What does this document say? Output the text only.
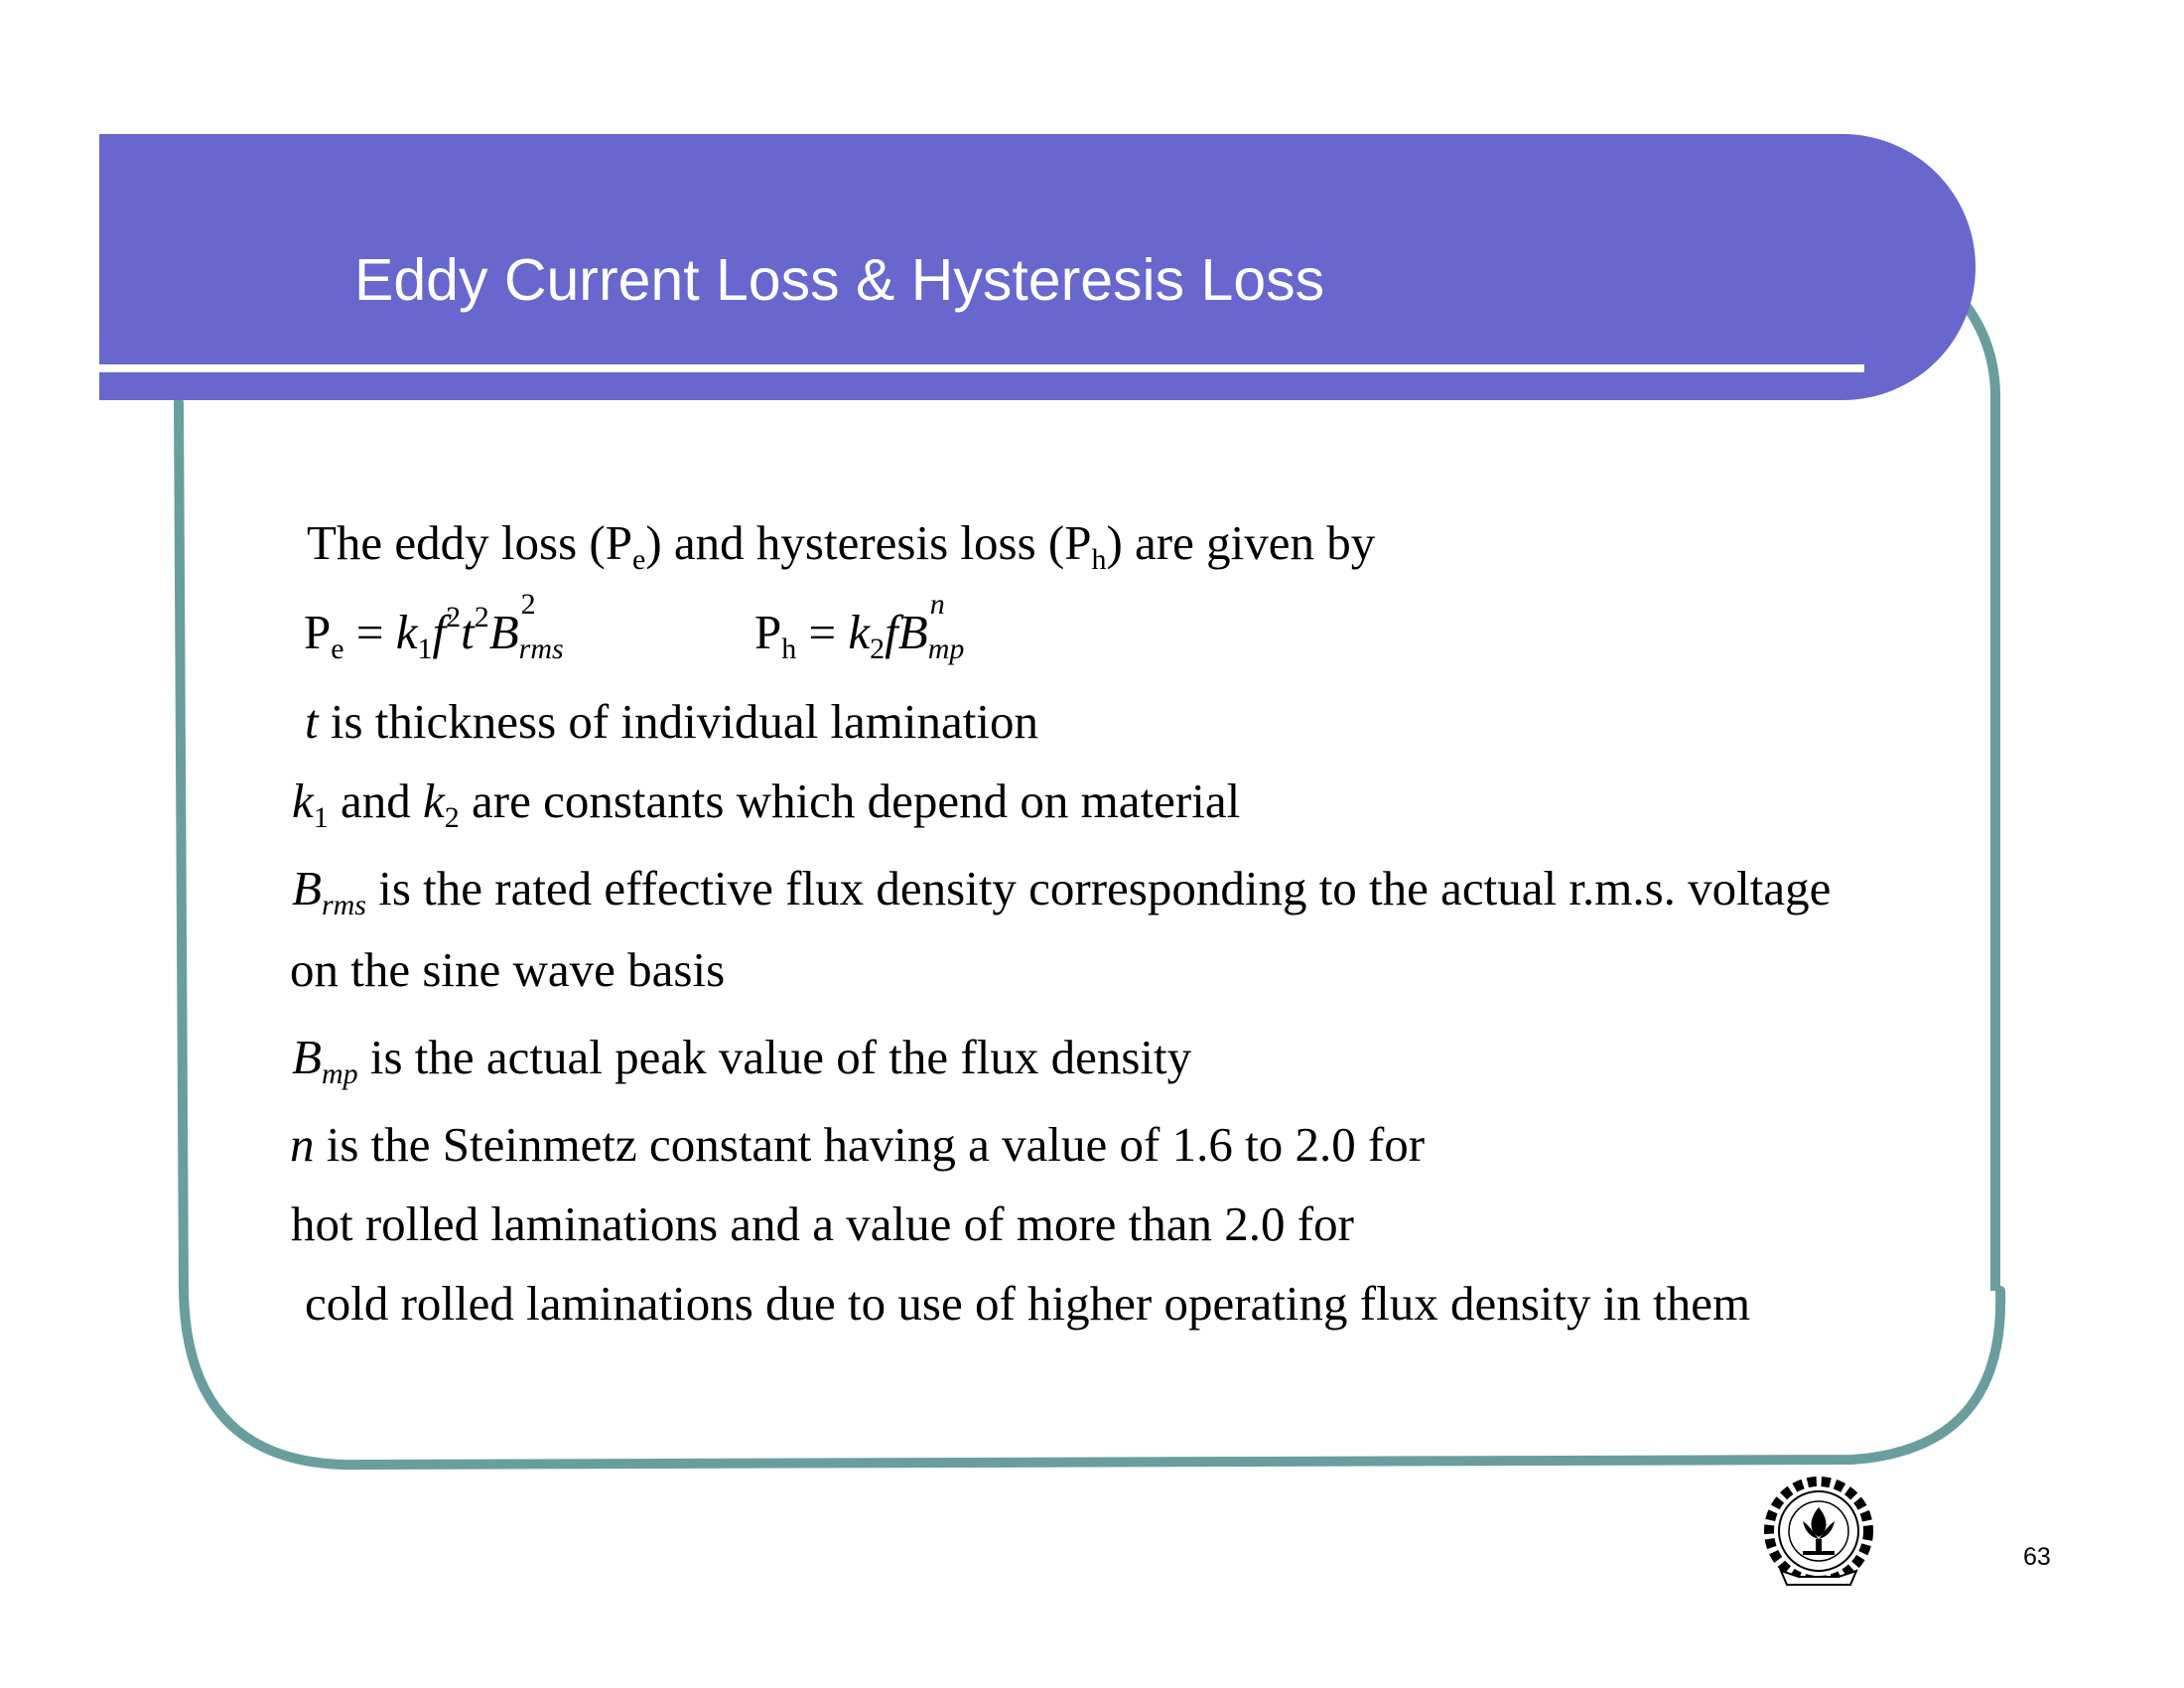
Eddy Current Loss & Hysteresis Loss
The eddy loss $(P_e)$ and hysteresis loss $(P_h)$ are given by
$P_e = k_1f^2t^2B$
2
rms	$P_h = k_2fB$
n
mp
t is thickness of individual lamination
$k_1$ and $k_2$ are constants which depend on material
$B_{rms}$ is the rated effective flux density corresponding to the actual r.m.s. voltage
on the sine wave basis
$B_{mp}$ is the actual peak value of the flux density
n is the Steinmetz constant having a value of 1.6 to 2.0 for
hot rolled laminations and a value of more than 2.0 for
cold rolled laminations due to use of higher operating flux density in them
63
